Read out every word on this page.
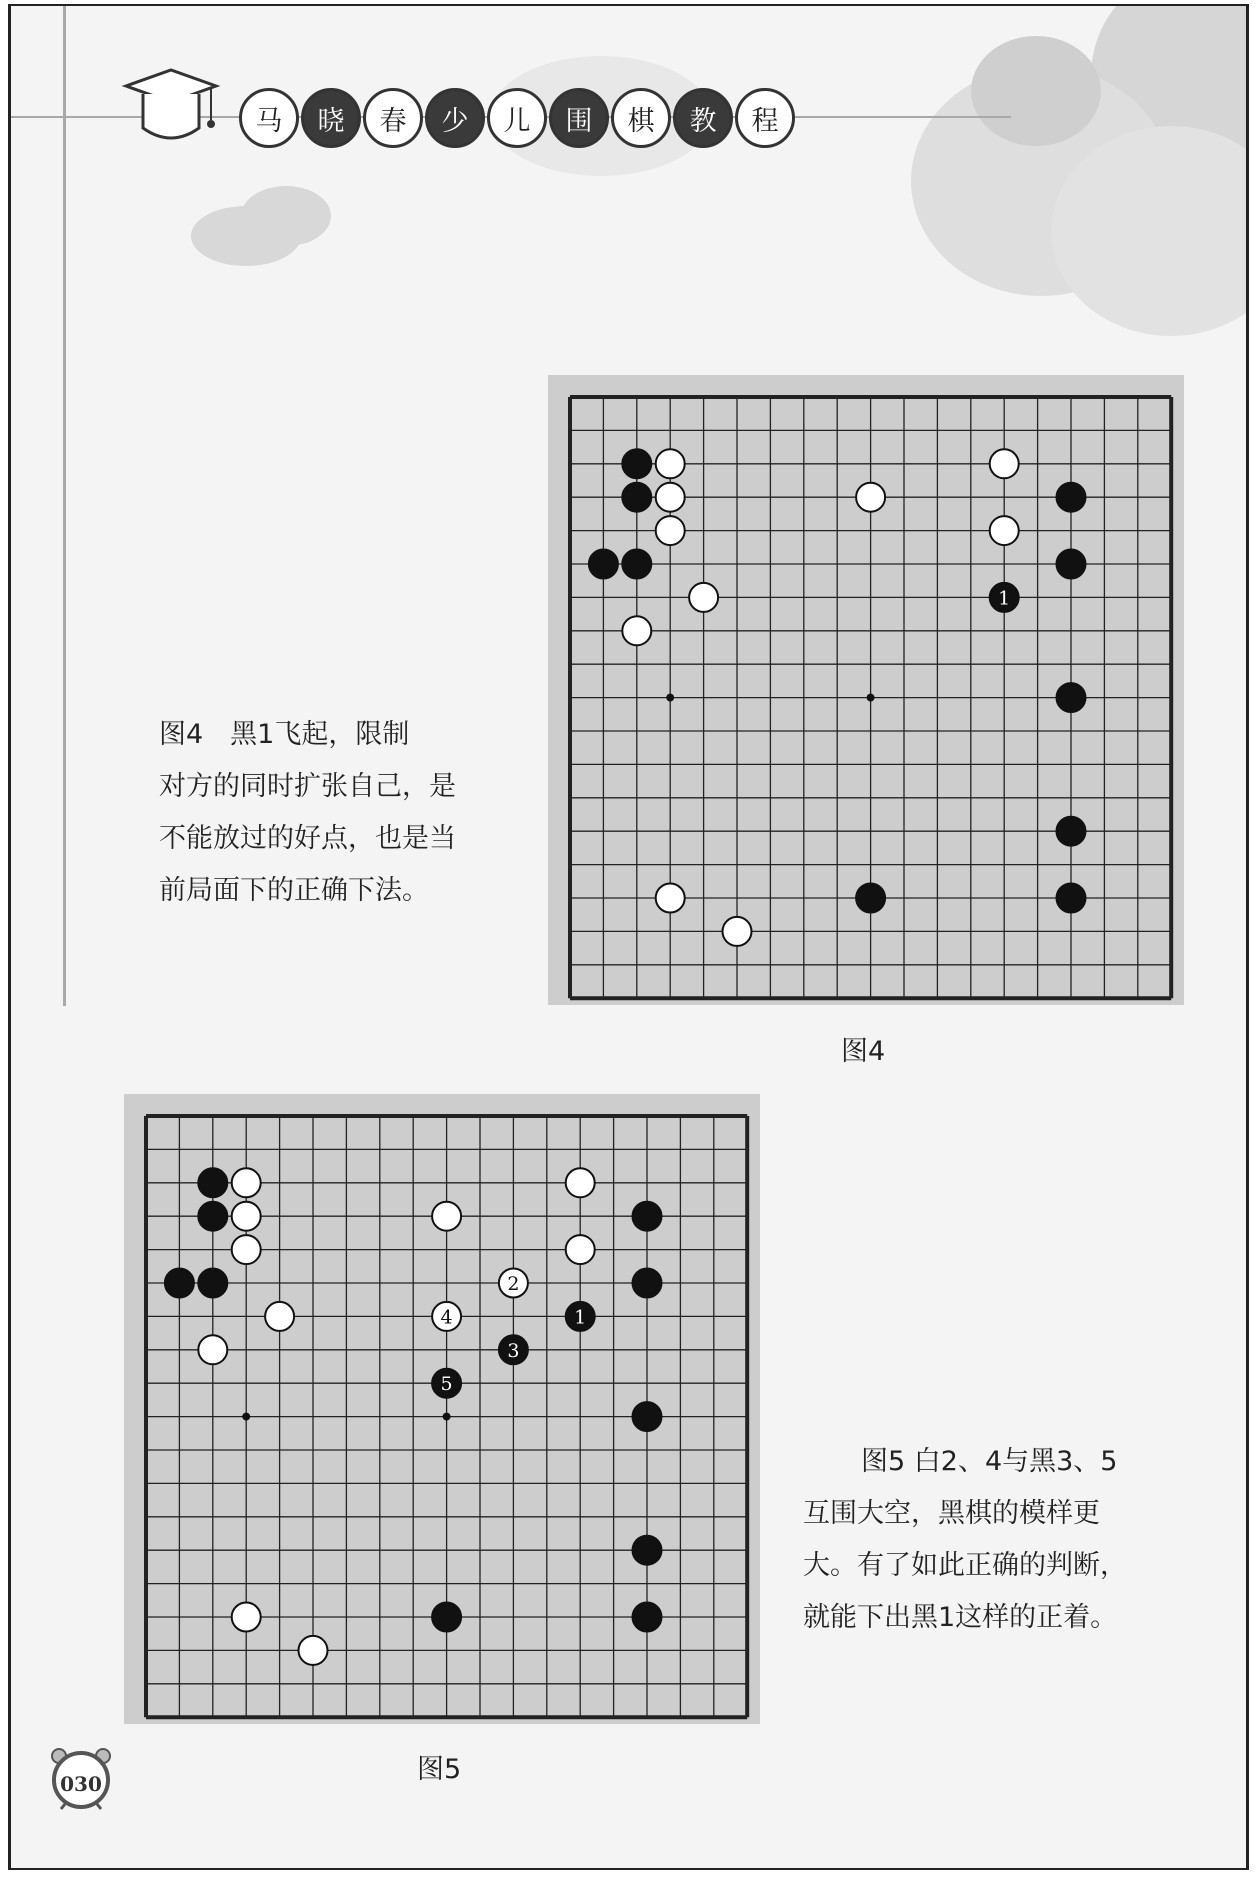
马	晓	春	少	儿	围	棋	教	程
1
图4　黑1飞起，限制
对方的同时扩张自己，是
不能放过的好点，也是当
前局面下的正确下法。
图4
1
2
3
4
5
图5 白2、4与黑3、5
互围大空，黑棋的模样更
大。有了如此正确的判断，
就能下出黑1这样的正着。
图5
030
